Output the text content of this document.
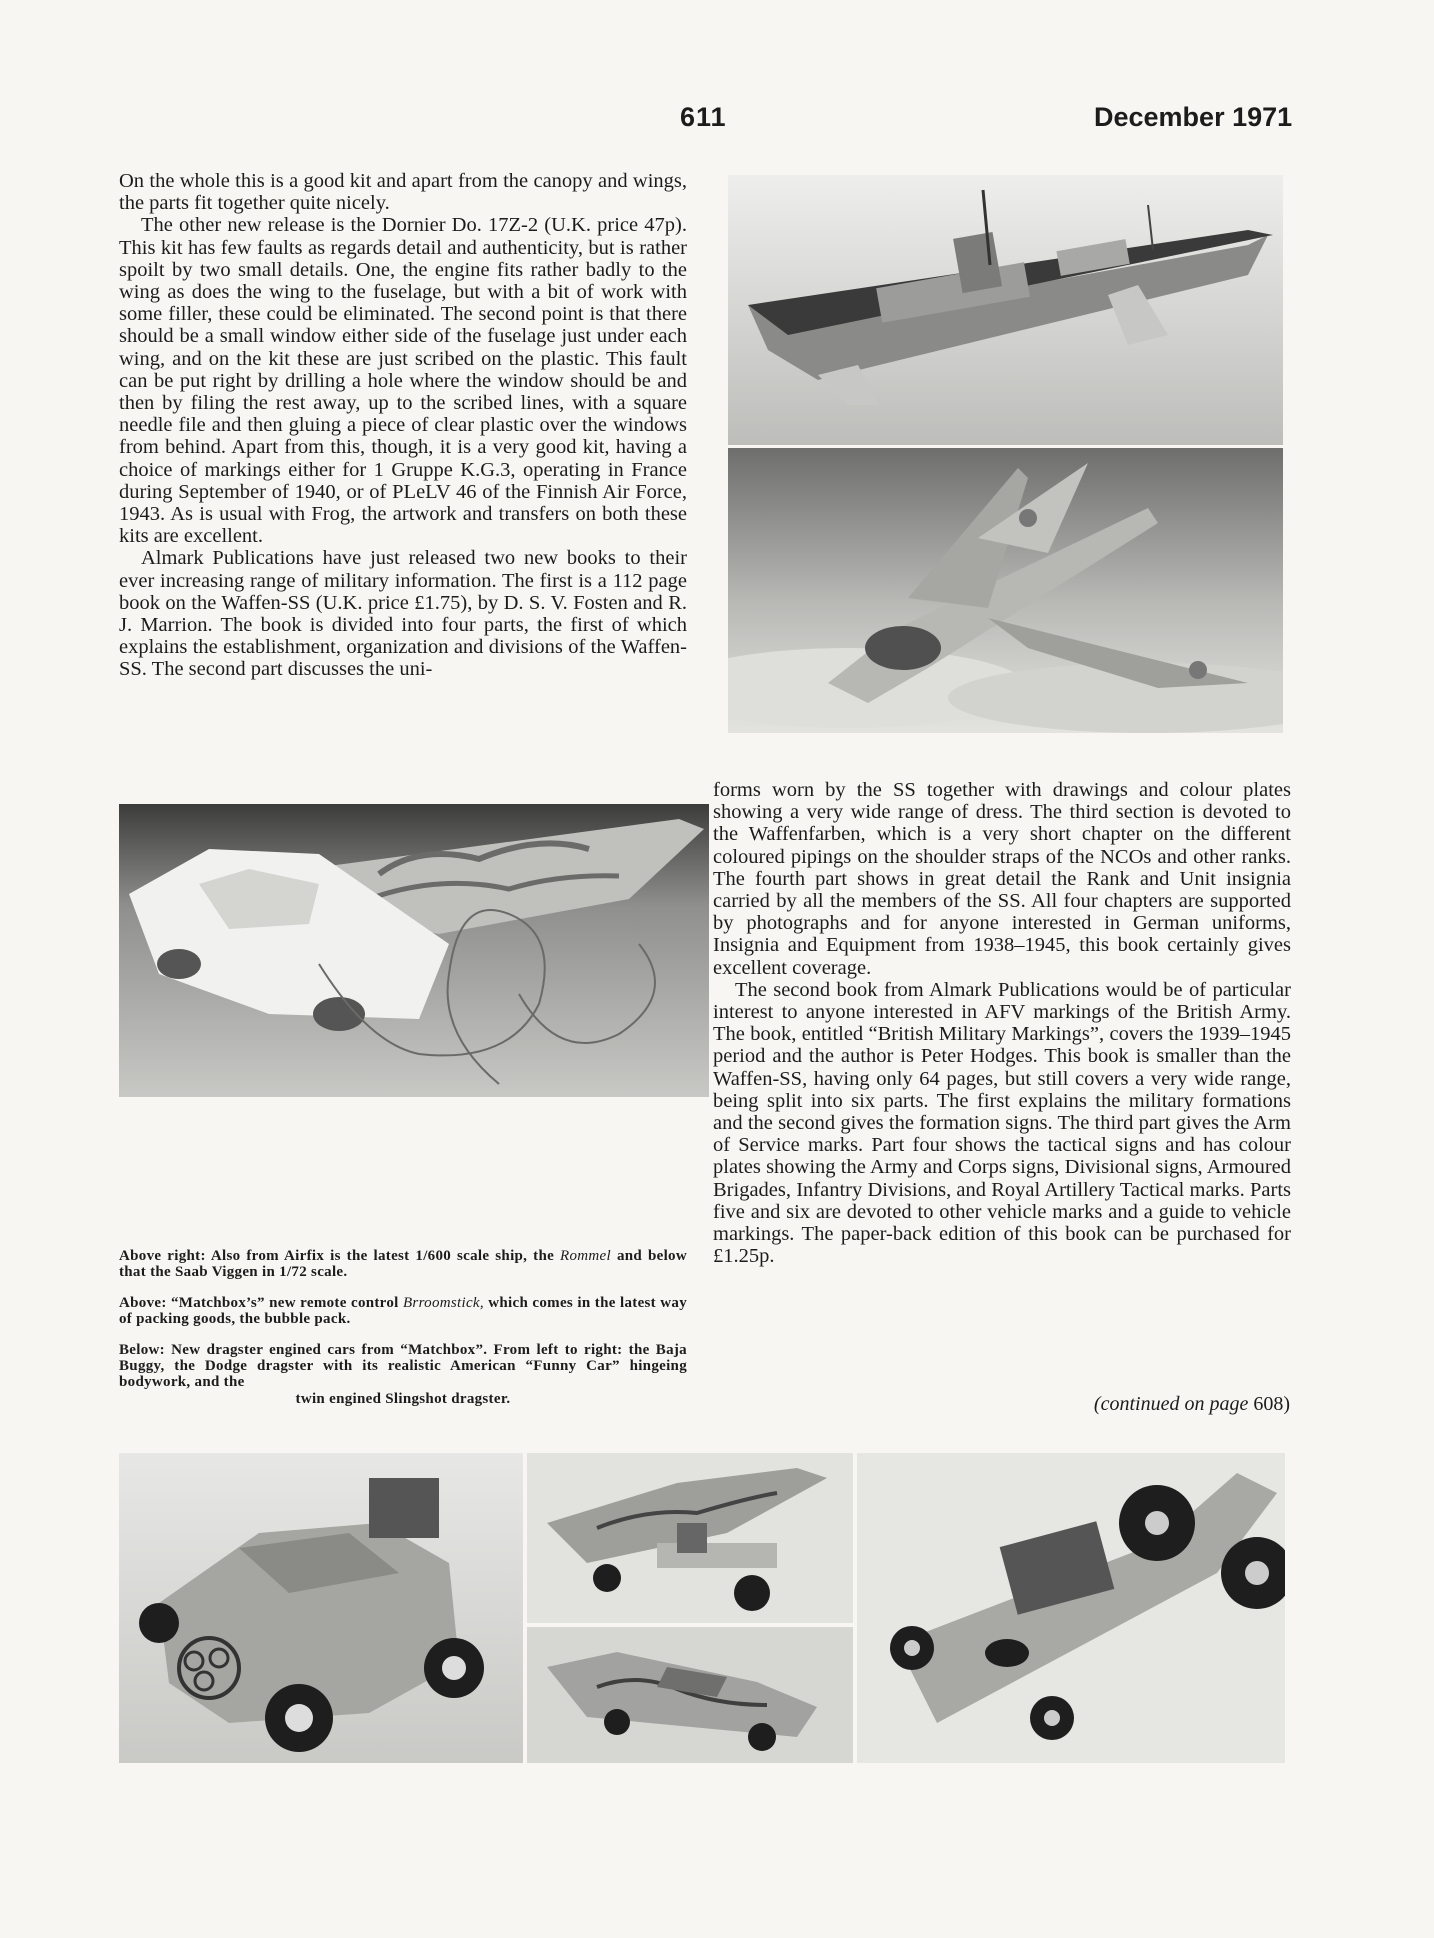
611	December 1971

On the whole this is a good kit and apart from the canopy and wings, the parts fit together quite nicely.

The other new release is the Dornier Do. 17Z-2 (U.K. price 47p). This kit has few faults as regards detail and authenticity, but is rather spoilt by two small details. One, the engine fits rather badly to the wing as does the wing to the fuselage, but with a bit of work with some filler, these could be eliminated. The second point is that there should be a small window either side of the fuselage just under each wing, and on the kit these are just scribed on the plastic. This fault can be put right by drilling a hole where the window should be and then by filing the rest away, up to the scribed lines, with a square needle file and then gluing a piece of clear plastic over the windows from behind. Apart from this, though, it is a very good kit, having a choice of markings either for 1 Gruppe K.G.3, operating in France during September of 1940, or of PLeLV 46 of the Finnish Air Force, 1943. As is usual with Frog, the artwork and transfers on both these kits are excellent.

Almark Publications have just released two new books to their ever increasing range of military information. The first is a 112 page book on the Waffen-SS (U.K. price £1.75), by D. S. V. Fosten and R. J. Marrion. The book is divided into four parts, the first of which explains the establishment, organization and divisions of the Waffen-SS. The second part discusses the uni-

Above right: Also from Airfix is the latest 1/600 scale ship, the Rommel and below that the Saab Viggen in 1/72 scale.

Above: “Matchbox’s” new remote control Brroomstick, which comes in the latest way of packing goods, the bubble pack.

Below: New dragster engined cars from “Matchbox”. From left to right: the Baja Buggy, the Dodge dragster with its realistic American “Funny Car” hingeing bodywork, and the

twin engined Slingshot dragster.

forms worn by the SS together with drawings and colour plates showing a very wide range of dress. The third section is devoted to the Waffenfarben, which is a very short chapter on the different coloured pipings on the shoulder straps of the NCOs and other ranks. The fourth part shows in great detail the Rank and Unit insignia carried by all the members of the SS. All four chapters are supported by photographs and for anyone interested in German uniforms, Insignia and Equipment from 1938–1945, this book certainly gives excellent coverage.

The second book from Almark Publications would be of particular interest to anyone interested in AFV markings of the British Army. The book, entitled “British Military Markings”, covers the 1939–1945 period and the author is Peter Hodges. This book is smaller than the Waffen-SS, having only 64 pages, but still covers a very wide range, being split into six parts. The first explains the military formations and the second gives the formation signs. The third part gives the Arm of Service marks. Part four shows the tactical signs and has colour plates showing the Army and Corps signs, Divisional signs, Armoured Brigades, Infantry Divisions, and Royal Artillery Tactical marks. Parts five and six are devoted to other vehicle marks and a guide to vehicle markings. The paper-back edition of this book can be purchased for £1.25p.

(continued on page 608)
